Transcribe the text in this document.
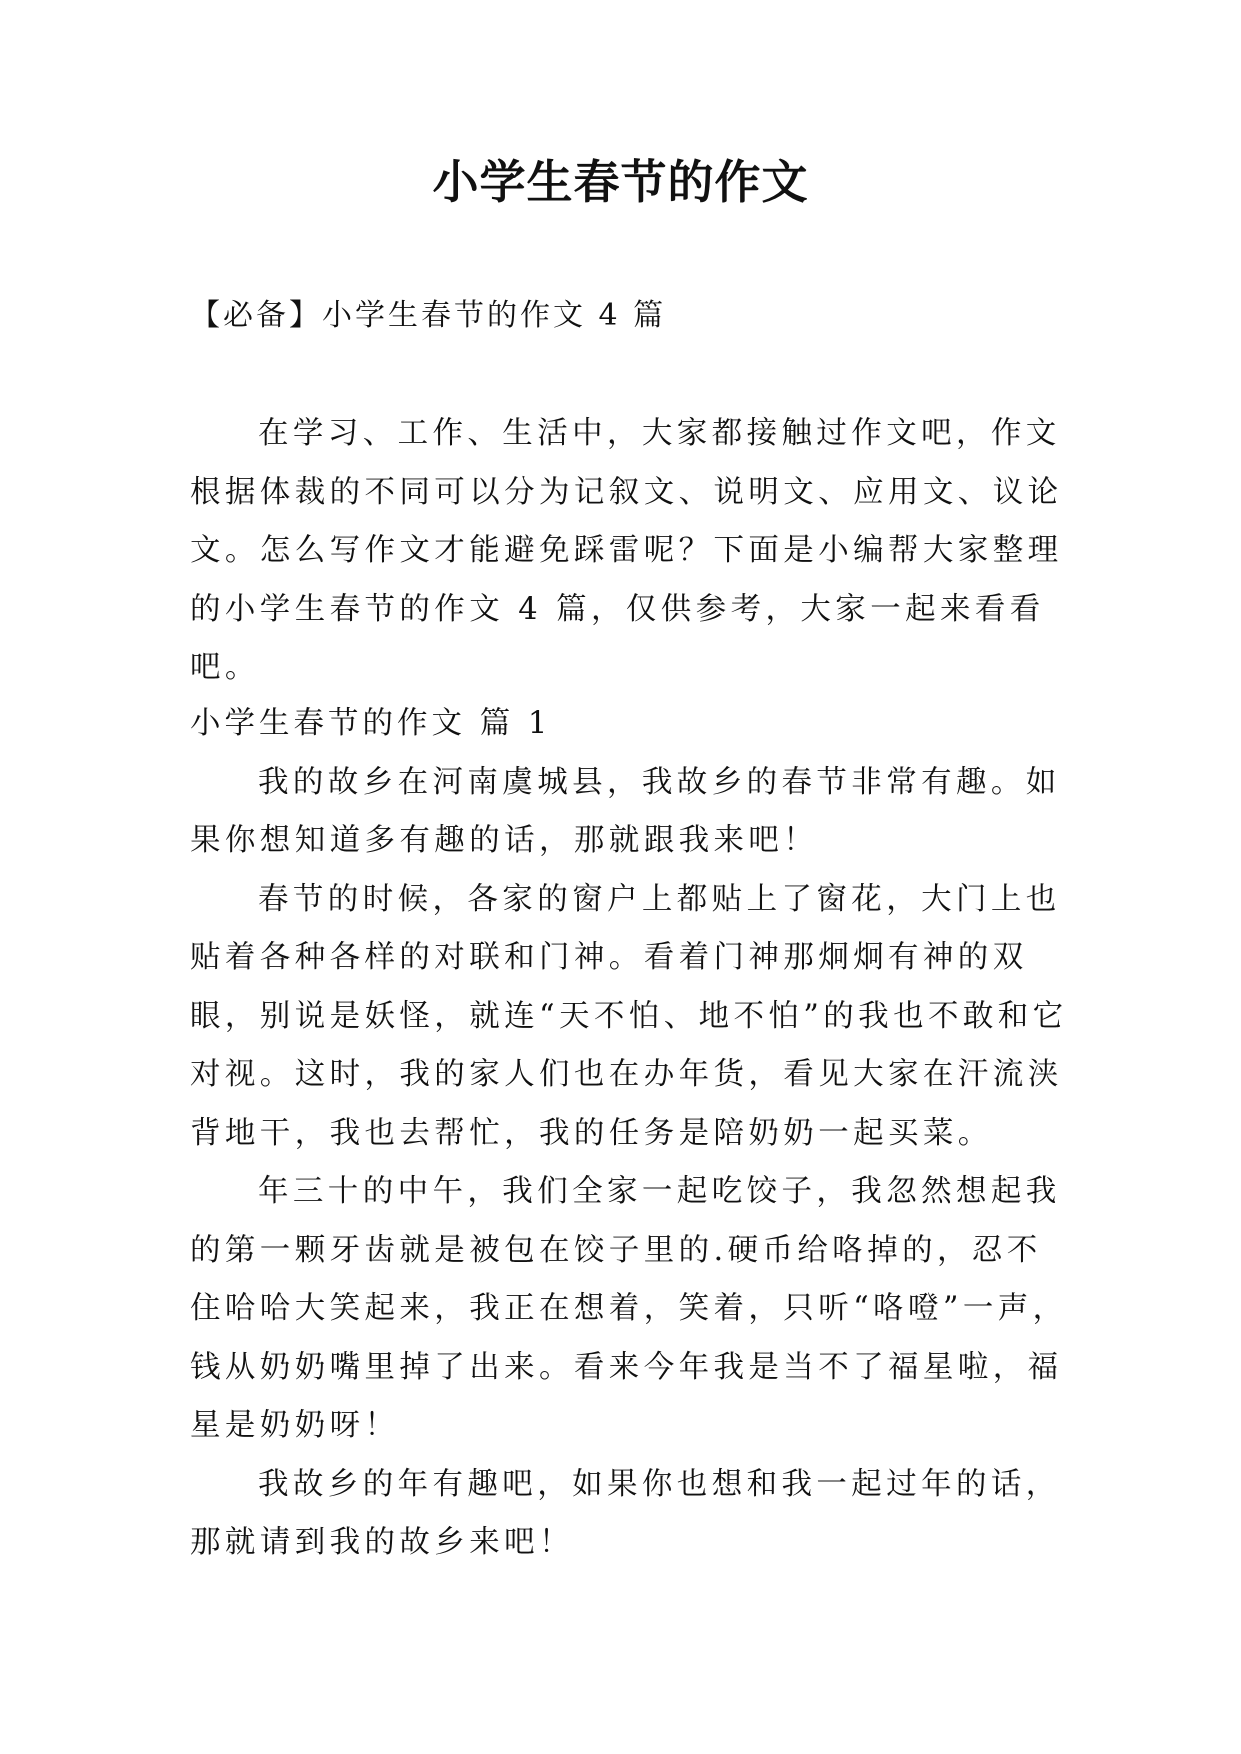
小学生春节的作文
【必备】小学生春节的作文 4 篇

在学习、工作、生活中，大家都接触过作文吧，作文根据体裁的不同可以分为记叙文、说明文、应用文、议论文。怎么写作文才能避免踩雷呢？下面是小编帮大家整理的小学生春节的作文 4 篇，仅供参考，大家一起来看看吧。

小学生春节的作文 篇 1

我的故乡在河南虞城县，我故乡的春节非常有趣。如果你想知道多有趣的话，那就跟我来吧！

春节的时候，各家的窗户上都贴上了窗花，大门上也贴着各种各样的对联和门神。看着门神那炯炯有神的双眼，别说是妖怪，就连“天不怕、地不怕”的我也不敢和它对视。这时，我的家人们也在办年货，看见大家在汗流浃背地干，我也去帮忙，我的任务是陪奶奶一起买菜。

年三十的中午，我们全家一起吃饺子，我忽然想起我的第一颗牙齿就是被包在饺子里的.硬币给咯掉的，忍不住哈哈大笑起来，我正在想着，笑着，只听“咯噔”一声，钱从奶奶嘴里掉了出来。看来今年我是当不了福星啦，福星是奶奶呀！

我故乡的年有趣吧，如果你也想和我一起过年的话，那就请到我的故乡来吧！
